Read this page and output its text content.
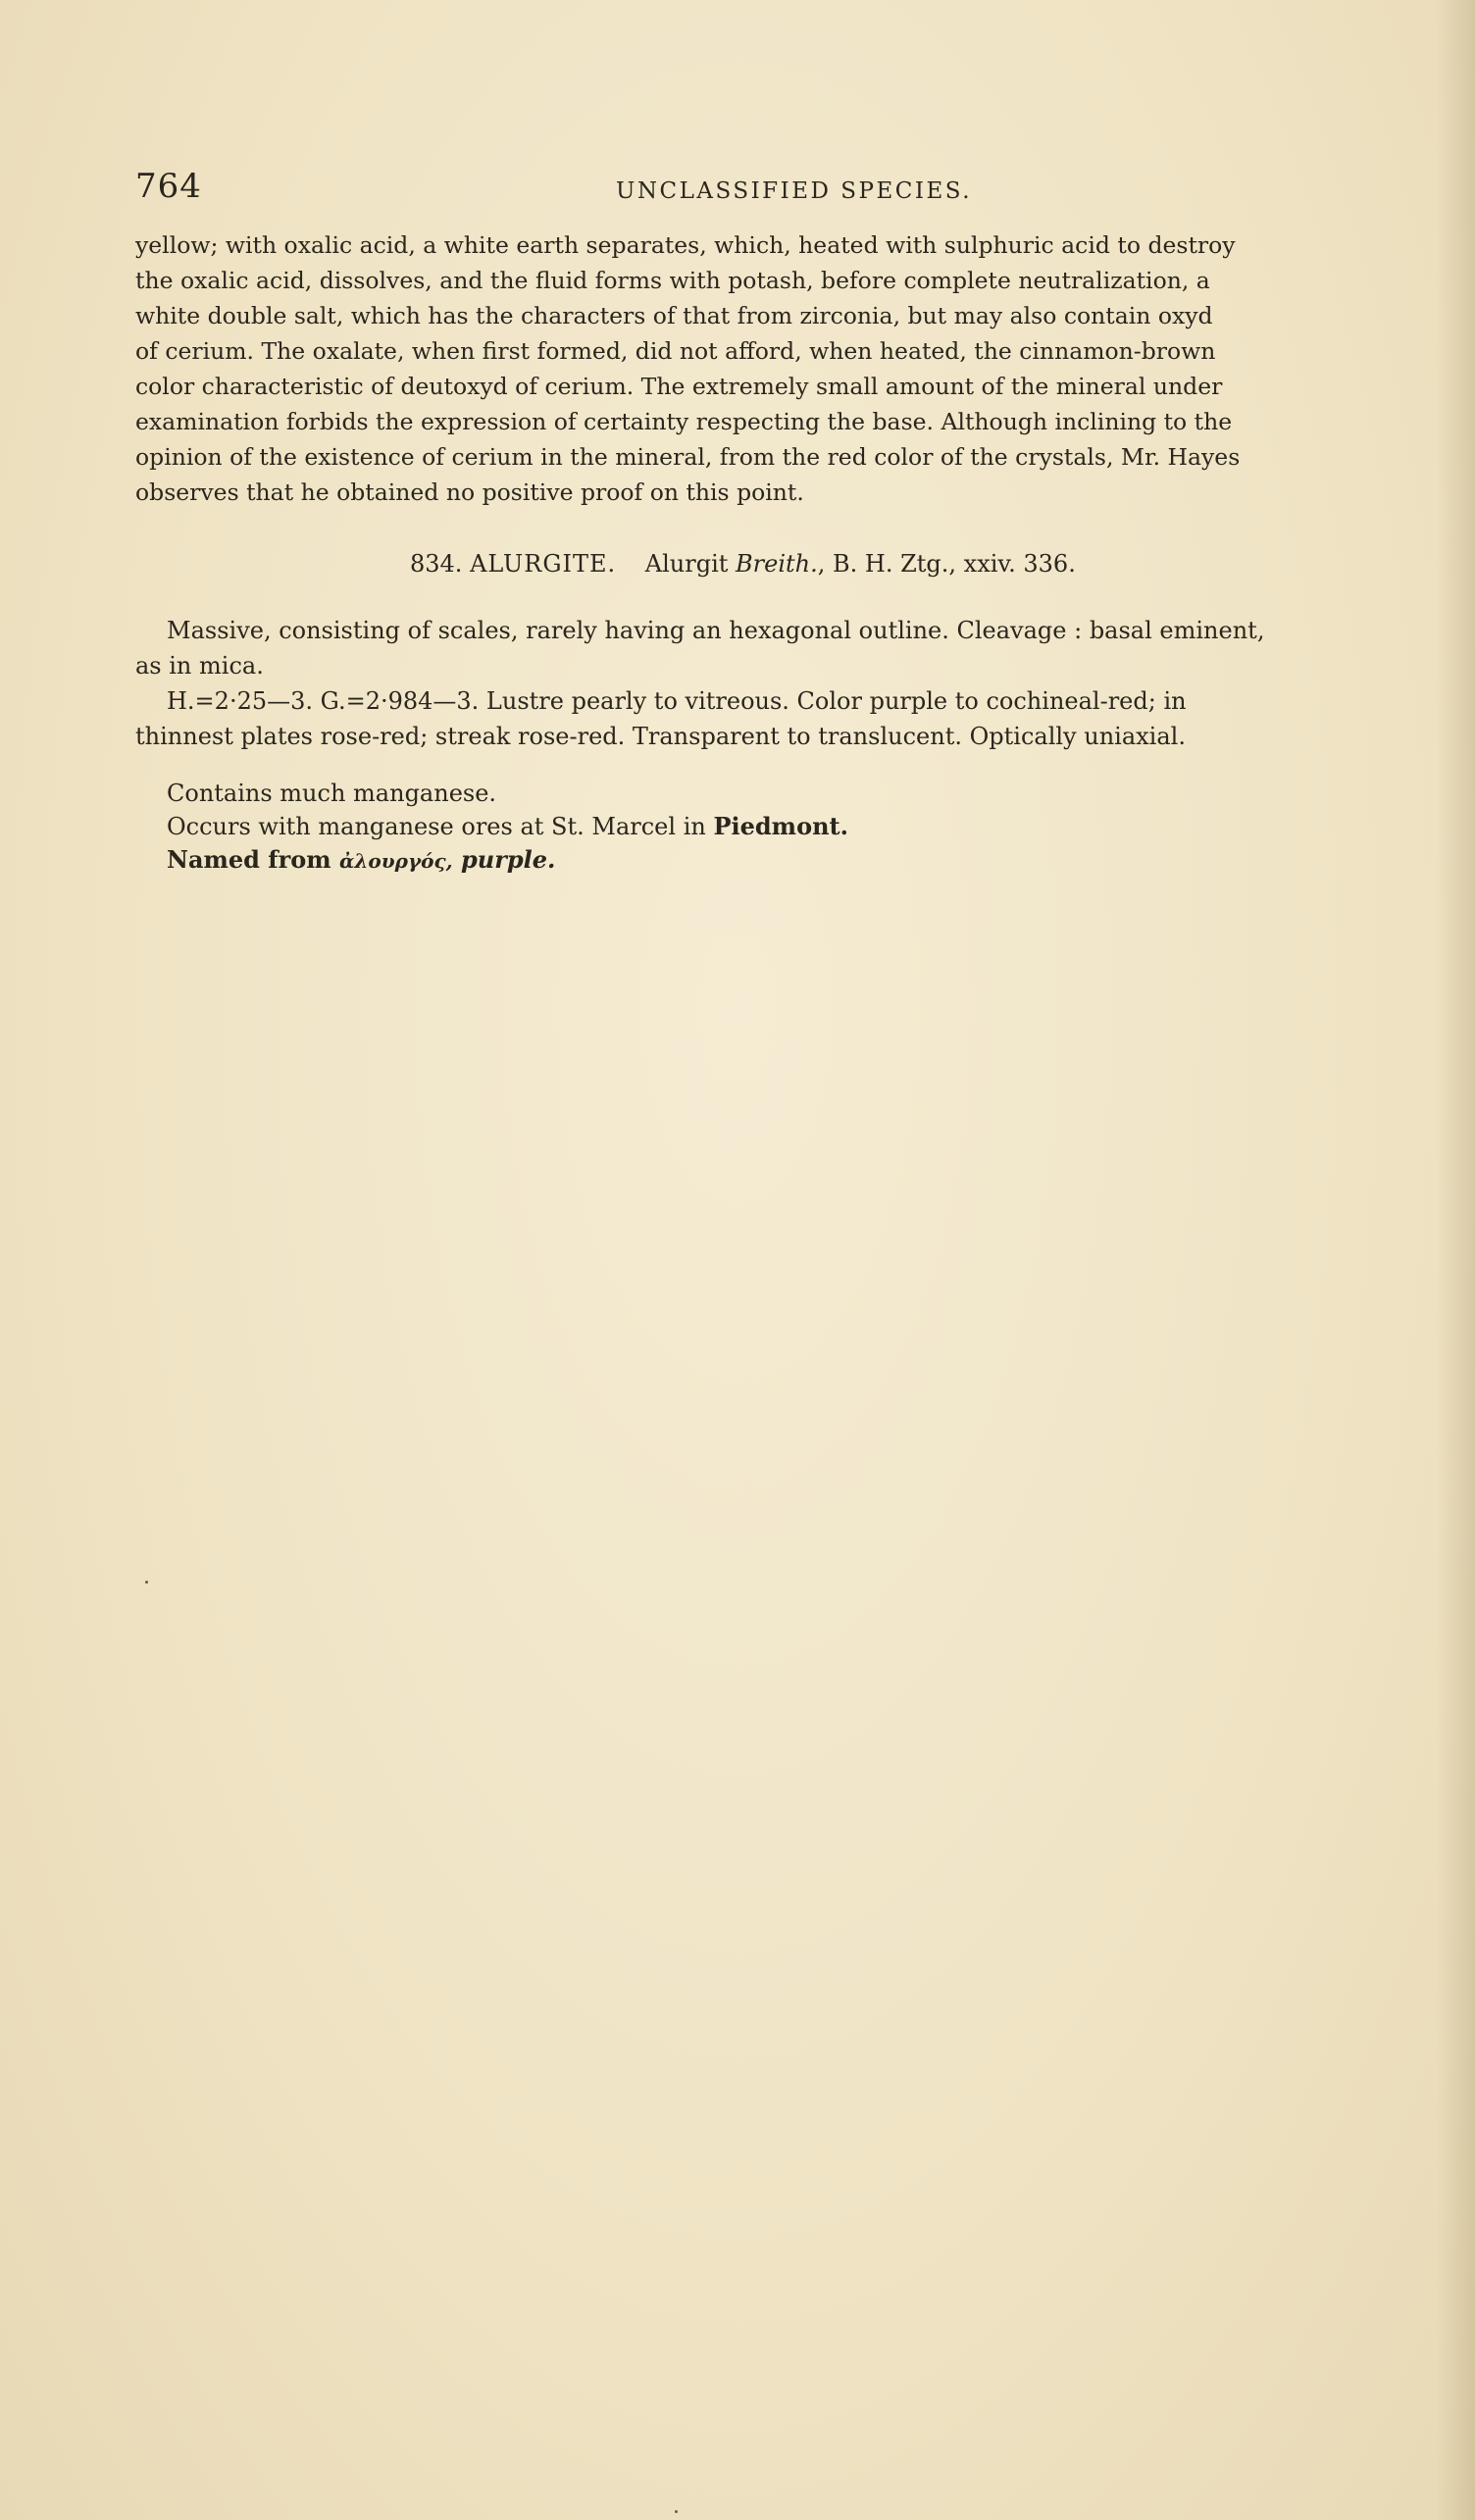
764	UNCLASSIFIED SPECIES.
yellow; with oxalic acid, a white earth separates, which, heated with sulphuric acid to destroy
the oxalic acid, dissolves, and the fluid forms with potash, before complete neutralization, a
white double salt, which has the characters of that from zirconia, but may also contain oxyd
of cerium. The oxalate, when first formed, did not afford, when heated, the cinnamon-brown
color characteristic of deutoxyd of cerium. The extremely small amount of the mineral under
examination forbids the expression of certainty respecting the base. Although inclining to the
opinion of the existence of cerium in the mineral, from the red color of the crystals, Mr. Hayes
observes that he obtained no positive proof on this point.
834. ALURGITE. Alurgit Breith., B. H. Ztg., xxiv. 336.
Massive, consisting of scales, rarely having an hexagonal outline. Cleavage : basal eminent,
as in mica.
H.=2·25—3. G.=2·984—3. Lustre pearly to vitreous. Color purple to cochineal-red; in
thinnest plates rose-red; streak rose-red. Transparent to translucent. Optically uniaxial.
Contains much manganese.
Occurs with manganese ores at St. Marcel in Piedmont.
Named from ἀλουργός, purple.
